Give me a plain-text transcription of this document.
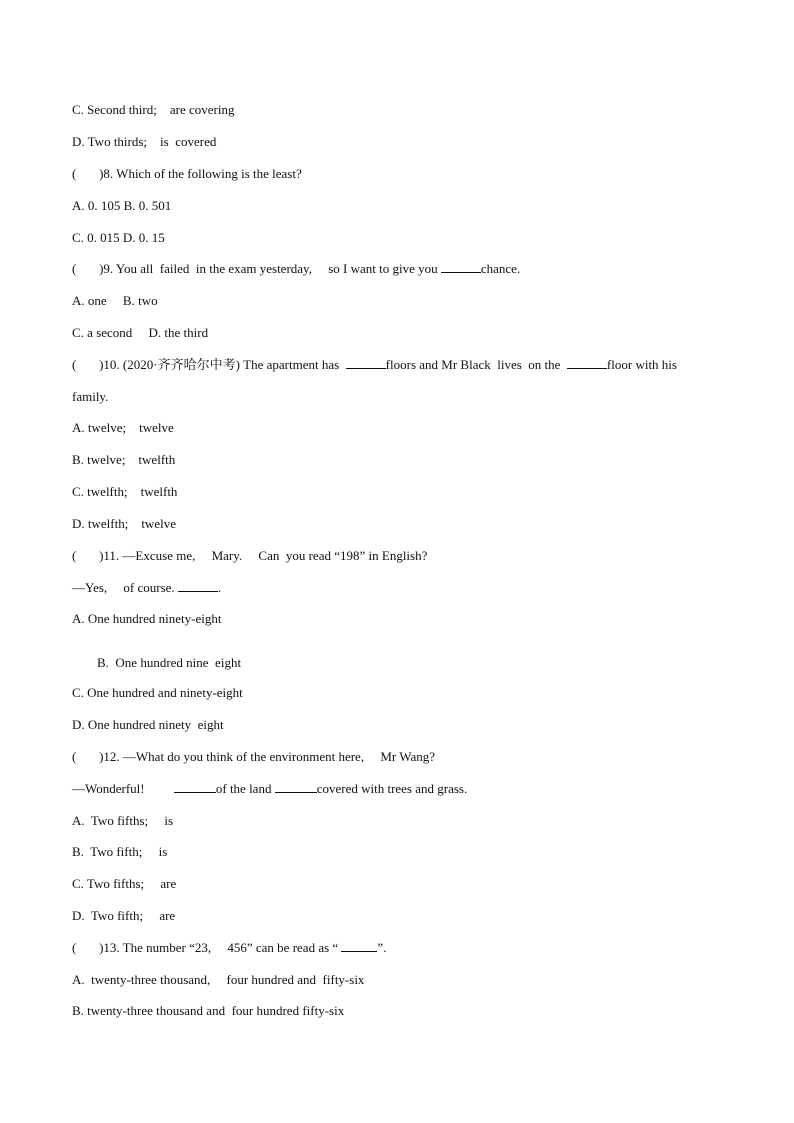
C. Second third;    are covering
D. Two thirds;    is  covered
(       )8. Which of the following is the least?
A. 0. 105 B. 0. 501
C. 0. 015 D. 0. 15
(       )9. You all  failed  in the exam yesterday,     so I want to give you	chance.
A. one     B. two
C. a second     D. the third
(       )10. (2020·齐齐哈尔中考) The apartment has	floors and Mr Black  lives  on the	floor with his
family.
A. twelve;    twelve
B. twelve;    twelfth
C. twelfth;    twelfth
D. twelfth;    twelve
(       )11. —Excuse me,     Mary.     Can  you read “198” in English?
—Yes,     of course.	.
A. One hundred ninety-eight
B.  One hundred nine  eight
C. One hundred and ninety-eight
D. One hundred ninety  eight
(       )12. —What do you think of the environment here,     Mr Wang?
—Wonderful!	of the land	covered with trees and grass.
A.  Two fifths;     is
B.  Two fifth;     is
C. Two fifths;     are
D.  Two fifth;     are
(       )13. The number “23,     456” can be read as “	”.
A.  twenty-three thousand,     four hundred and  fifty-six
B. twenty-three thousand and  four hundred fifty-six
